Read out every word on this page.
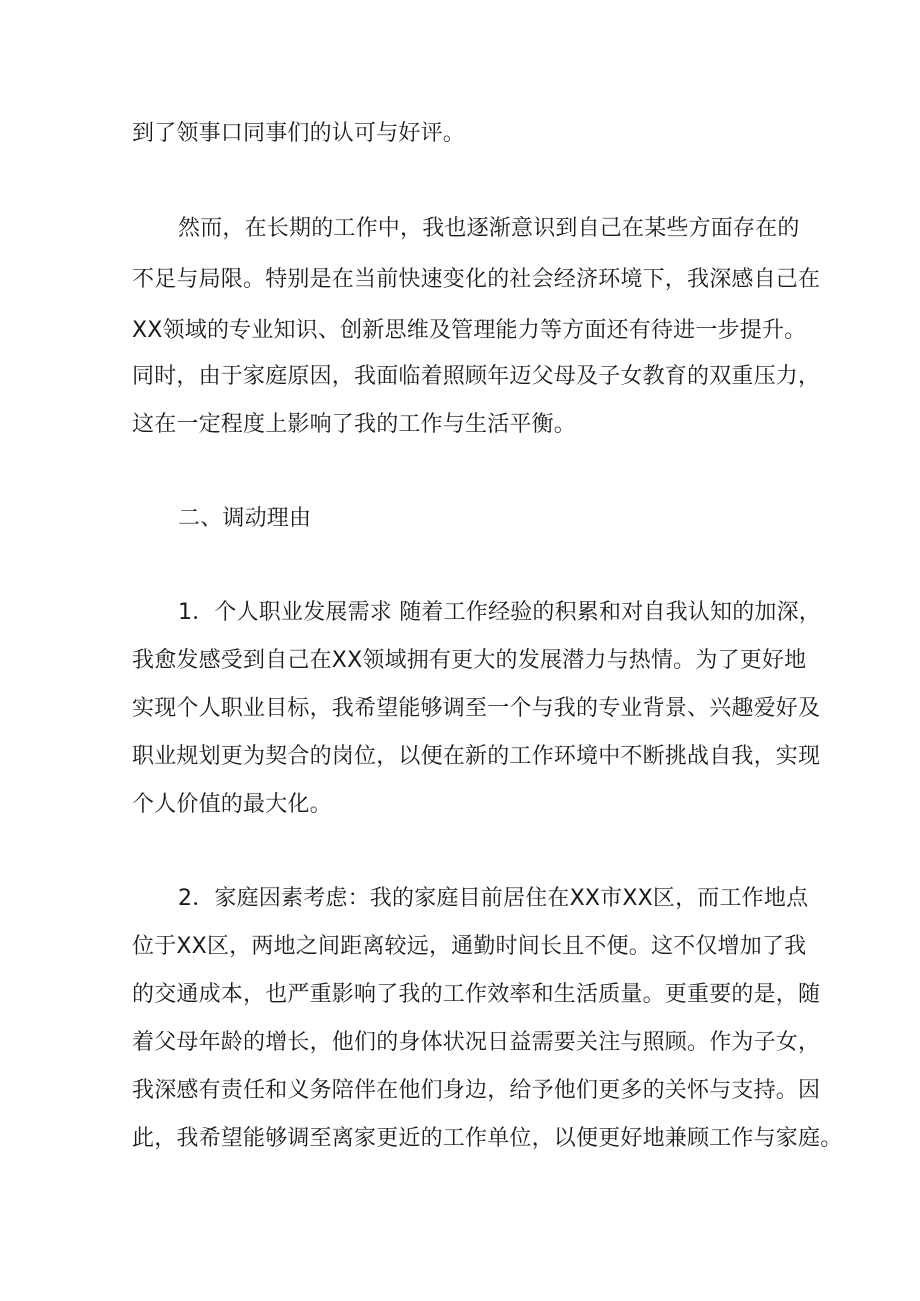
到了领事口同事们的认可与好评。
然而，在长期的工作中，我也逐渐意识到自己在某些方面存在的
不足与局限。特别是在当前快速变化的社会经济环境下，我深感自己在
XX领域的专业知识、创新思维及管理能力等方面还有待进一步提升。
同时，由于家庭原因，我面临着照顾年迈父母及子女教育的双重压力，
这在一定程度上影响了我的工作与生活平衡。
二、调动理由
1．个人职业发展需求 随着工作经验的积累和对自我认知的加深，
我愈发感受到自己在XX领域拥有更大的发展潜力与热情。为了更好地
实现个人职业目标，我希望能够调至一个与我的专业背景、兴趣爱好及
职业规划更为契合的岗位，以便在新的工作环境中不断挑战自我，实现
个人价值的最大化。
2．家庭因素考虑：我的家庭目前居住在XX市XX区，而工作地点
位于XX区，两地之间距离较远，通勤时间长且不便。这不仅增加了我
的交通成本，也严重影响了我的工作效率和生活质量。更重要的是，随
着父母年龄的增长，他们的身体状况日益需要关注与照顾。作为子女，
我深感有责任和义务陪伴在他们身边，给予他们更多的关怀与支持。因
此，我希望能够调至离家更近的工作单位，以便更好地兼顾工作与家庭。
